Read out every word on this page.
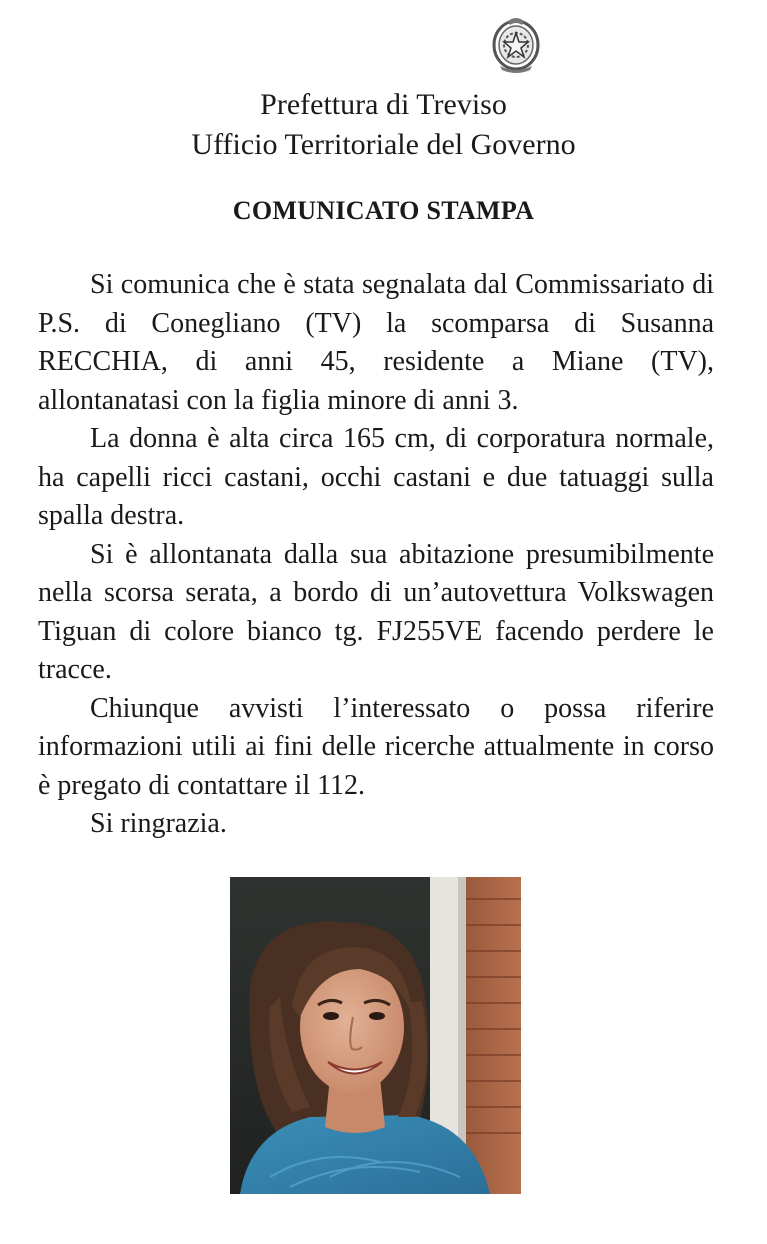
Prefettura di Treviso
Ufficio Territoriale del Governo
COMUNICATO STAMPA

Si comunica che è stata segnalata dal Commissariato di P.S. di Conegliano (TV) la scomparsa di Susanna RECCHIA, di anni 45, residente a Miane (TV), allontanatasi con la figlia minore di anni 3.

La donna è alta circa 165 cm, di corporatura normale, ha capelli ricci castani, occhi castani e due tatuaggi sulla spalla destra.

Si è allontanata dalla sua abitazione presumibilmente nella scorsa serata, a bordo di un’autovettura Volkswagen Tiguan di colore bianco tg. FJ255VE facendo perdere le tracce.

Chiunque avvisti l’interessato o possa riferire informazioni utili ai fini delle ricerche attualmente in corso è pregato di contattare il 112.

Si ringrazia.
